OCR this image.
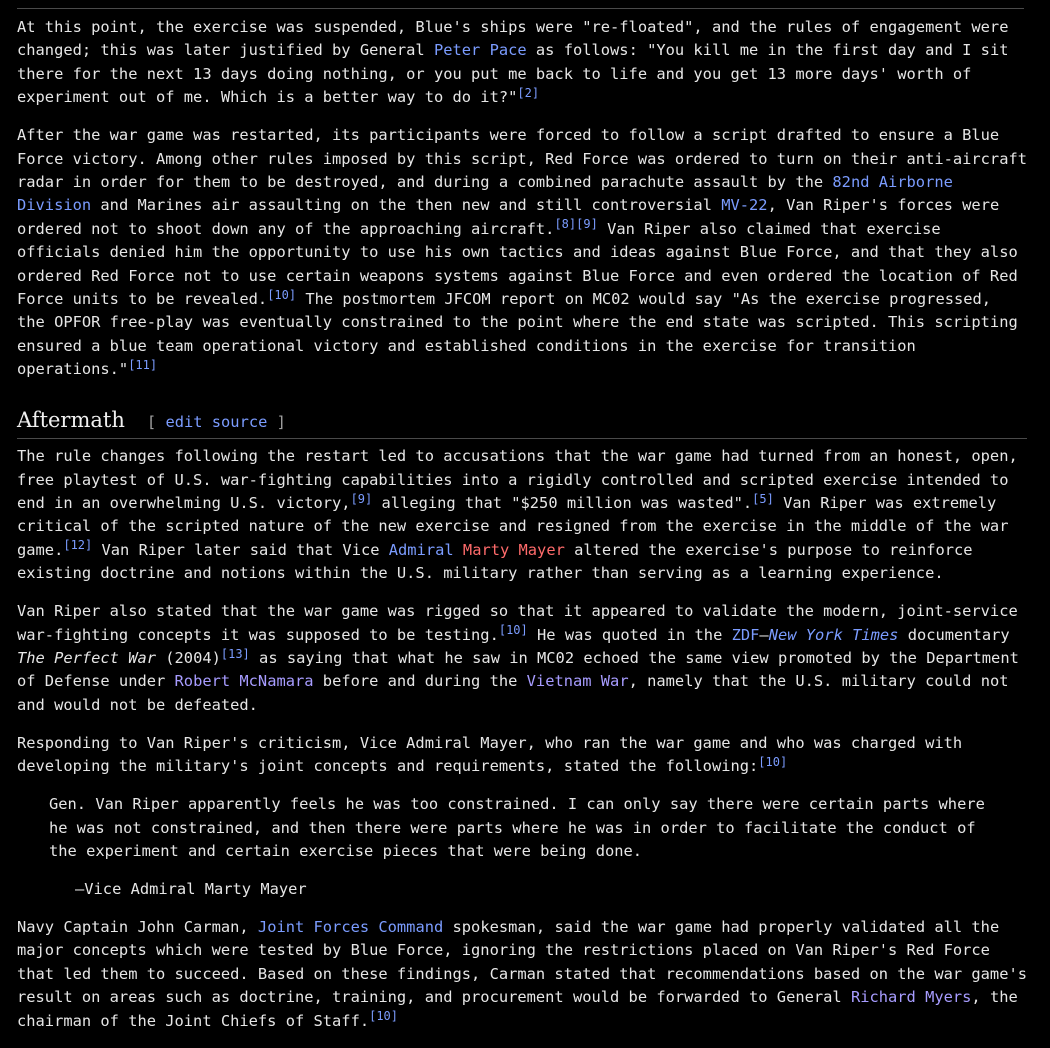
At this point, the exercise was suspended, Blue's ships were "re-floated", and the rules of engagement were changed; this was later justified by General Peter Pace as follows: "You kill me in the first day and I sit there for the next 13 days doing nothing, or you put me back to life and you get 13 more days' worth of experiment out of me. Which is a better way to do it?"[2]

After the war game was restarted, its participants were forced to follow a script drafted to ensure a Blue Force victory. Among other rules imposed by this script, Red Force was ordered to turn on their anti-aircraft radar in order for them to be destroyed, and during a combined parachute assault by the 82nd Airborne Division and Marines air assaulting on the then new and still controversial MV-22, Van Riper's forces were ordered not to shoot down any of the approaching aircraft.[8][9] Van Riper also claimed that exercise officials denied him the opportunity to use his own tactics and ideas against Blue Force, and that they also ordered Red Force not to use certain weapons systems against Blue Force and even ordered the location of Red Force units to be revealed.[10] The postmortem JFCOM report on MC02 would say "As the exercise progressed, the OPFOR free-play was eventually constrained to the point where the end state was scripted. This scripting ensured a blue team operational victory and established conditions in the exercise for transition operations."[11]

Aftermath [ edit source ]

The rule changes following the restart led to accusations that the war game had turned from an honest, open, free playtest of U.S. war-fighting capabilities into a rigidly controlled and scripted exercise intended to end in an overwhelming U.S. victory,[9] alleging that "$250 million was wasted".[5] Van Riper was extremely critical of the scripted nature of the new exercise and resigned from the exercise in the middle of the war game.[12] Van Riper later said that Vice Admiral Marty Mayer altered the exercise's purpose to reinforce existing doctrine and notions within the U.S. military rather than serving as a learning experience.

Van Riper also stated that the war game was rigged so that it appeared to validate the modern, joint-service war-fighting concepts it was supposed to be testing.[10] He was quoted in the ZDF–New York Times documentary The Perfect War (2004)[13] as saying that what he saw in MC02 echoed the same view promoted by the Department of Defense under Robert McNamara before and during the Vietnam War, namely that the U.S. military could not and would not be defeated.

Responding to Van Riper's criticism, Vice Admiral Mayer, who ran the war game and who was charged with developing the military's joint concepts and requirements, stated the following:[10]

Gen. Van Riper apparently feels he was too constrained. I can only say there were certain parts where he was not constrained, and then there were parts where he was in order to facilitate the conduct of the experiment and certain exercise pieces that were being done.
—Vice Admiral Marty Mayer

Navy Captain John Carman, Joint Forces Command spokesman, said the war game had properly validated all the major concepts which were tested by Blue Force, ignoring the restrictions placed on Van Riper's Red Force that led them to succeed. Based on these findings, Carman stated that recommendations based on the war game's result on areas such as doctrine, training, and procurement would be forwarded to General Richard Myers, the chairman of the Joint Chiefs of Staff.[10]
